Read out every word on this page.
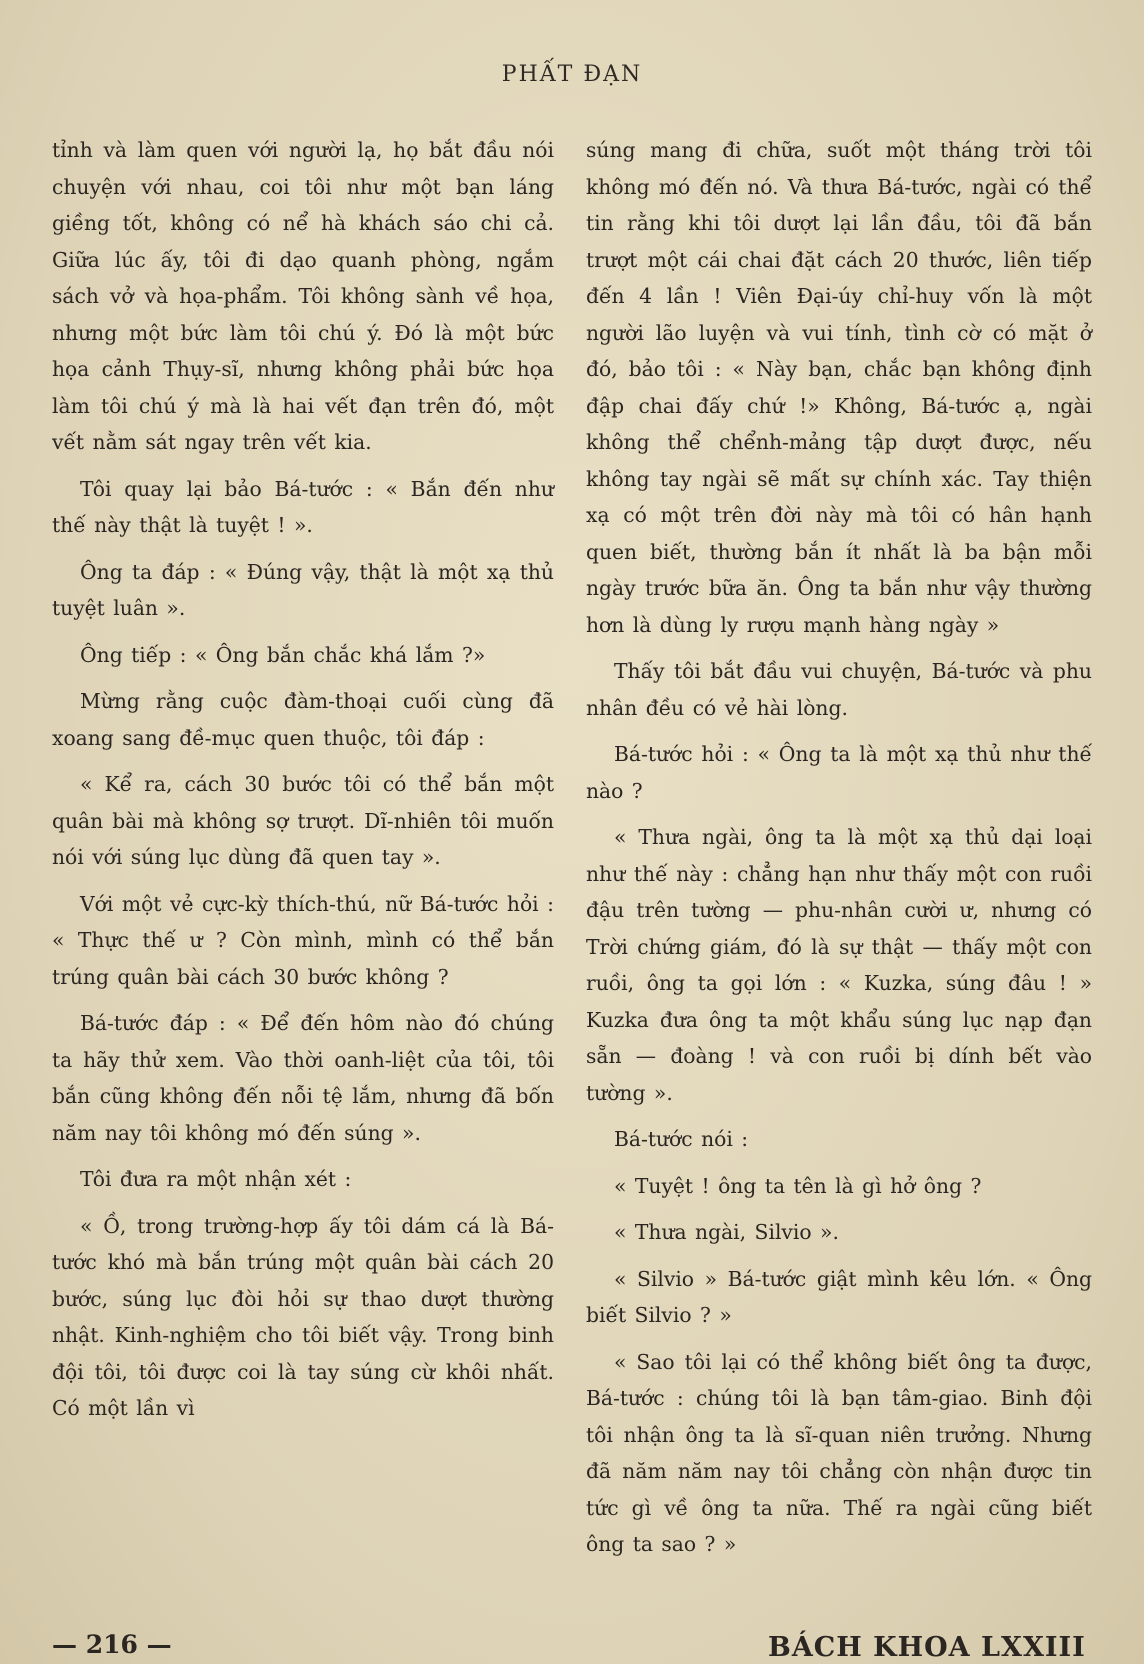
PHẤT ĐẠN

tỉnh và làm quen với người lạ, họ bắt đầu nói chuyện với nhau, coi tôi như một bạn láng giềng tốt, không có nể hà khách sáo chi cả. Giữa lúc ấy, tôi đi dạo quanh phòng, ngắm sách vở và họa-phẩm. Tôi không sành về họa, nhưng một bức làm tôi chú ý. Đó là một bức họa cảnh Thụy-sĩ, nhưng không phải bức họa làm tôi chú ý mà là hai vết đạn trên đó, một vết nằm sát ngay trên vết kia.

Tôi quay lại bảo Bá-tước : « Bắn đến như thế này thật là tuyệt ! ».

Ông ta đáp : « Đúng vậy, thật là một xạ thủ tuyệt luân ».

Ông tiếp : « Ông bắn chắc khá lắm ?»

Mừng rằng cuộc đàm-thoại cuối cùng đã xoang sang đề-mục quen thuộc, tôi đáp :

« Kể ra, cách 30 bước tôi có thể bắn một quân bài mà không sợ trượt. Dĩ-nhiên tôi muốn nói với súng lục dùng đã quen tay ».

Với một vẻ cực-kỳ thích-thú, nữ Bá-tước hỏi : « Thực thế ư ? Còn mình, mình có thể bắn trúng quân bài cách 30 bước không ?

Bá-tước đáp : « Để đến hôm nào đó chúng ta hãy thử xem. Vào thời oanh-liệt của tôi, tôi bắn cũng không đến nỗi tệ lắm, nhưng đã bốn năm nay tôi không mó đến súng ».

Tôi đưa ra một nhận xét :

« Ồ, trong trường-hợp ấy tôi dám cá là Bá-tước khó mà bắn trúng một quân bài cách 20 bước, súng lục đòi hỏi sự thao dượt thường nhật. Kinh-nghiệm cho tôi biết vậy. Trong binh đội tôi, tôi được coi là tay súng cừ khôi nhất. Có một lần vì

súng mang đi chữa, suốt một tháng trời tôi không mó đến nó. Và thưa Bá-tước, ngài có thể tin rằng khi tôi dượt lại lần đầu, tôi đã bắn trượt một cái chai đặt cách 20 thước, liên tiếp đến 4 lần ! Viên Đại-úy chỉ-huy vốn là một người lão luyện và vui tính, tình cờ có mặt ở đó, bảo tôi : « Này bạn, chắc bạn không định đập chai đấy chứ !» Không, Bá-tước ạ, ngài không thể chểnh-mảng tập dượt được, nếu không tay ngài sẽ mất sự chính xác. Tay thiện xạ có một trên đời này mà tôi có hân hạnh quen biết, thường bắn ít nhất là ba bận mỗi ngày trước bữa ăn. Ông ta bắn như vậy thường hơn là dùng ly rượu mạnh hàng ngày »

Thấy tôi bắt đầu vui chuyện, Bá-tước và phu nhân đều có vẻ hài lòng.

Bá-tước hỏi : « Ông ta là một xạ thủ như thế nào ?

« Thưa ngài, ông ta là một xạ thủ dại loại như thế này : chẳng hạn như thấy một con ruồi đậu trên tường — phu-nhân cười ư, nhưng có Trời chứng giám, đó là sự thật — thấy một con ruồi, ông ta gọi lớn : « Kuzka, súng đâu ! » Kuzka đưa ông ta một khẩu súng lục nạp đạn sẵn — đoàng ! và con ruồi bị dính bết vào tường ».

Bá-tước nói :

« Tuyệt ! ông ta tên là gì hở ông ?

« Thưa ngài, Silvio ».

« Silvio » Bá-tước giật mình kêu lớn. « Ông biết Silvio ? »

« Sao tôi lại có thể không biết ông ta được, Bá-tước : chúng tôi là bạn tâm-giao. Binh đội tôi nhận ông ta là sĩ-quan niên trưởng. Nhưng đã năm năm nay tôi chẳng còn nhận được tin tức gì về ông ta nữa. Thế ra ngài cũng biết ông ta sao ? »

— 216 —	BÁCH KHOA LXXIII
